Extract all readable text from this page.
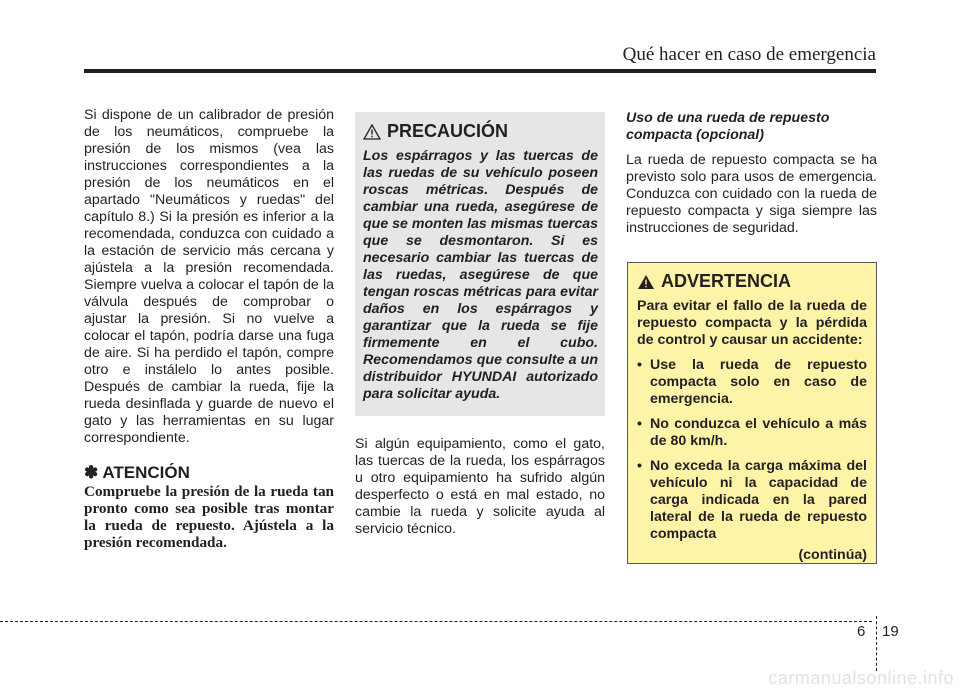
Qué hacer en caso de emergencia

Si dispone de un calibrador de presión de los neumáticos, compruebe la presión de los mismos (vea las instrucciones correspondientes a la presión de los neumáticos en el apartado "Neumáticos y ruedas" del capítulo 8.) Si la presión es inferior a la recomendada, conduzca con cuidado a la estación de servicio más cercana y ajústela a la presión recomendada. Siempre vuelva a colocar el tapón de la válvula después de comprobar o ajustar la presión. Si no vuelve a colocar el tapón, podría darse una fuga de aire. Si ha perdido el tapón, compre otro e instálelo lo antes posible. Después de cambiar la rueda, fije la rueda desinflada y guarde de nuevo el gato y las herramientas en su lugar correspondiente.

✽ ATENCIÓN

Compruebe la presión de la rueda tan pronto como sea posible tras montar la rueda de repuesto. Ajústela a la presión recomendada.

PRECAUCIÓN

Los espárragos y las tuercas de las ruedas de su vehículo poseen roscas métricas. Después de cambiar una rueda, asegúrese de que se monten las mismas tuercas que se desmontaron. Si es necesario cambiar las tuercas de las ruedas, asegúrese de que tengan roscas métricas para evitar daños en los espárragos y garantizar que la rueda se fije firmemente en el cubo. Recomendamos que consulte a un distribuidor HYUNDAI autorizado para solicitar ayuda.

Si algún equipamiento, como el gato, las tuercas de la rueda, los espárragos u otro equipamiento ha sufrido algún desperfecto o está en mal estado, no cambie la rueda y solicite ayuda al servicio técnico.

Uso de una rueda de repuesto compacta (opcional)

La rueda de repuesto compacta se ha previsto solo para usos de emergencia. Conduzca con cuidado con la rueda de repuesto compacta y siga siempre las instrucciones de seguridad.

ADVERTENCIA

Para evitar el fallo de la rueda de repuesto compacta y la pérdida de control y causar un accidente:

• Use la rueda de repuesto compacta solo en caso de emergencia.
• No conduzca el vehículo a más de 80 km/h.
• No exceda la carga máxima del vehículo ni la capacidad de carga indicada en la pared lateral de la rueda de repuesto compacta
(continúa)
6 19
carmanualsonline.info
